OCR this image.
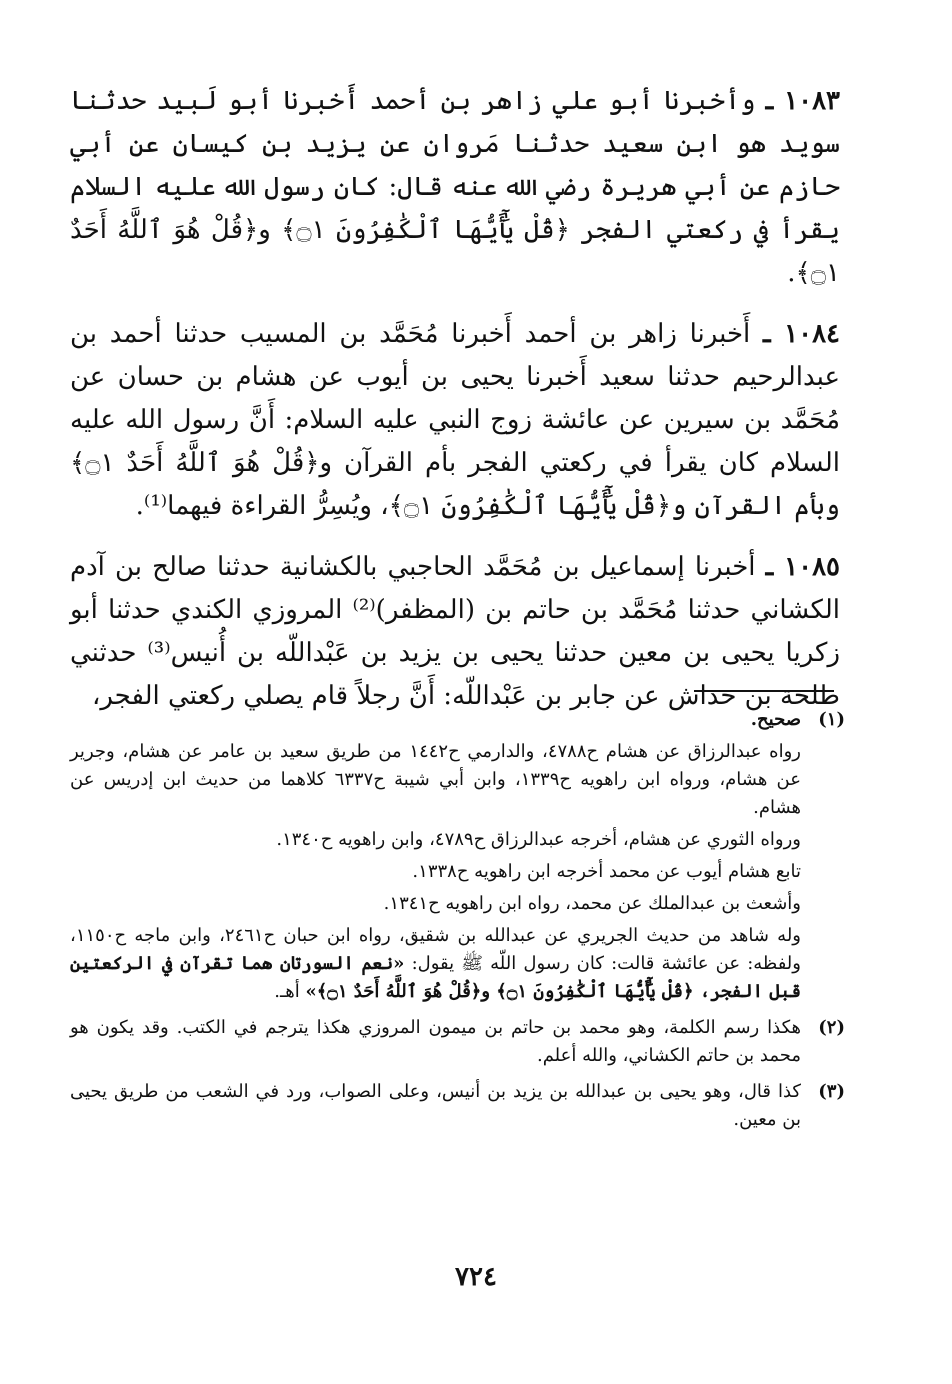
١٠٨٣ ـ وأخبرنا أبو علي زاهر بن أحمد أَخبرنا أبو لَبيد حدثنا سويد هو ابن سعيد حدثنا مَروان عن يزيد بن كيسان عن أبي حازم عن أبي هريرة رضي الله عنه قال: كان رسول الله عليه السلام يقرأ في ركعتي الفجر ﴿قُلْ يَٰٓأَيُّهَا ٱلْكَٰفِرُونَ ۝١﴾ و﴿قُلْ هُوَ ٱللَّهُ أَحَدٌ ۝١﴾.

١٠٨٤ ـ أَخبرنا زاهر بن أحمد أَخبرنا مُحَمَّد بن المسيب حدثنا أحمد بن عبدالرحيم حدثنا سعيد أَخبرنا يحيى بن أيوب عن هشام بن حسان عن مُحَمَّد بن سيرين عن عائشة زوج النبي عليه السلام: أَنَّ رسول الله عليه السلام كان يقرأ في ركعتي الفجر بأم القرآن و﴿قُلْ هُوَ ٱللَّهُ أَحَدٌ ۝١﴾ وبأم القرآن و﴿قُلْ يَٰٓأَيُّهَا ٱلْكَٰفِرُونَ ۝١﴾، ويُسِرُّ القراءة فيهما⁽¹⁾.

١٠٨٥ ـ أخبرنا إسماعيل بن مُحَمَّد الحاجبي بالكشانية حدثنا صالح بن آدم الكشاني حدثنا مُحَمَّد بن حاتم بن (المظفر)⁽²⁾ المروزي الكندي حدثنا أبو زكريا يحيى بن معين حدثنا يحيى بن يزيد بن عَبْداللّه بن أُنيس⁽³⁾ حدثني طلحة بن خداش عن جابر بن عَبْداللّه: أَنَّ رجلاً قام يصلي ركعتي الفجر،

(١)

صحيح.

رواه عبدالرزاق عن هشام ح٤٧٨٨، والدارمي ح١٤٤٢ من طريق سعيد بن عامر عن هشام، وجرير عن هشام، ورواه ابن راهويه ح١٣٣٩، وابن أبي شيبة ح٦٣٣٧ كلاهما من حديث ابن إدريس عن هشام.

ورواه الثوري عن هشام، أخرجه عبدالرزاق ح٤٧٨٩، وابن راهويه ح١٣٤٠.

تابع هشام أيوب عن محمد أخرجه ابن راهويه ح١٣٣٨.

وأشعث بن عبدالملك عن محمد، رواه ابن راهويه ح١٣٤١.

وله شاهد من حديث الجريري عن عبدالله بن شقيق، رواه ابن حبان ح٢٤٦١، وابن ماجه ح١١٥٠، ولفظه: عن عائشة قالت: كان رسول اللّه ﷺ يقول: «نعم السورتان هما تقرآن في الركعتين قبل الفجر، ﴿قُلْ يَٰٓأَيُّهَا ٱلْكَٰفِرُونَ ۝١﴾ و﴿قُلْ هُوَ ٱللَّهُ أَحَدٌ ۝١﴾» أهـ.

(٢)

هكذا رسم الكلمة، وهو محمد بن حاتم بن ميمون المروزي هكذا يترجم في الكتب. وقد يكون هو محمد بن حاتم الكشاني، والله أعلم.

(٣)

كذا قال، وهو يحيى بن عبدالله بن يزيد بن أنيس، وعلى الصواب، ورد في الشعب من طريق يحيى بن معين.

٧٢٤
